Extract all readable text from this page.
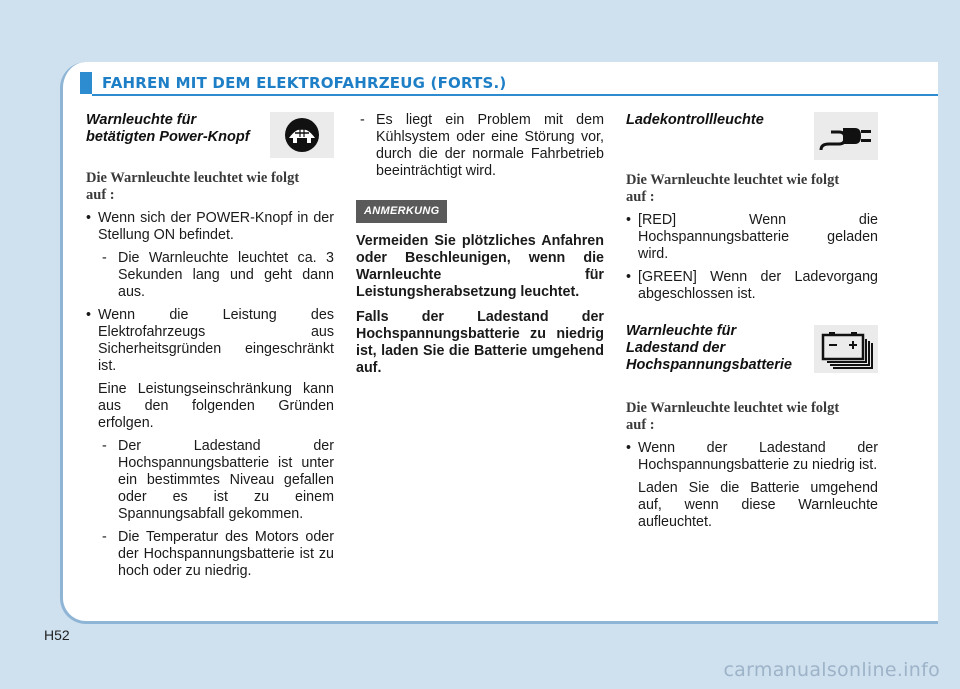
FAHREN MIT DEM ELEKTROFAHRZEUG (FORTS.)
Warnleuchte für
betätigten Power-Knopf
Die Warnleuchte leuchtet wie folgt
auf :
• Wenn sich der POWER-Knopf in der Stellung ON befindet.
- Die Warnleuchte leuchtet ca. 3 Sekunden lang und geht dann aus.
• Wenn die Leistung des Elektrofahrzeugs aus Sicherheitsgründen eingeschränkt ist.
Eine Leistungseinschränkung kann aus den folgenden Gründen erfolgen.
- Der Ladestand der Hochspannungsbatterie ist unter ein bestimmtes Niveau gefallen oder es ist zu einem Spannungsabfall gekommen.
- Die Temperatur des Motors oder der Hochspannungsbatterie ist zu hoch oder zu niedrig.
- Es liegt ein Problem mit dem Kühlsystem oder eine Störung vor, durch die der normale Fahrbetrieb beeinträchtigt wird.
ANMERKUNG
Vermeiden Sie plötzliches Anfahren oder Beschleunigen, wenn die Warnleuchte für Leistungsherabsetzung leuchtet.
Falls der Ladestand der Hochspannungsbatterie zu niedrig ist, laden Sie die Batterie umgehend auf.
Ladekontrollleuchte
Die Warnleuchte leuchtet wie folgt
auf :
• [RED] Wenn die Hochspannungsbatterie geladen wird.
• [GREEN] Wenn der Ladevorgang abgeschlossen ist.
Warnleuchte für
Ladestand der
Hochspannungsbatterie
Die Warnleuchte leuchtet wie folgt
auf :
• Wenn der Ladestand der Hochspannungsbatterie zu niedrig ist.
Laden Sie die Batterie umgehend auf, wenn diese Warnleuchte aufleuchtet.
H52
carmanualsonline.info
